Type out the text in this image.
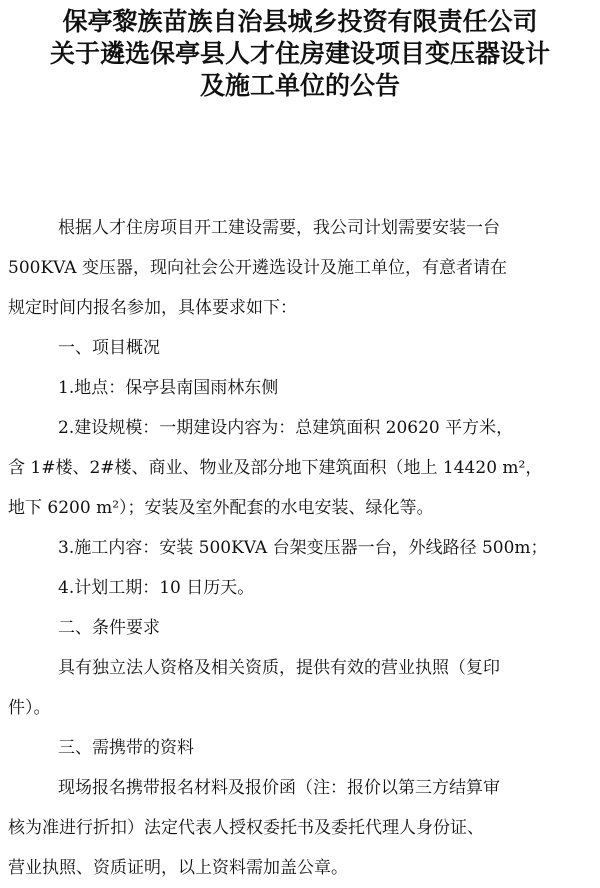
保亭黎族苗族自治县城乡投资有限责任公司
关于遴选保亭县人才住房建设项目变压器设计
及施工单位的公告
根据人才住房项目开工建设需要，我公司计划需要安装一台
500KVA 变压器，现向社会公开遴选设计及施工单位，有意者请在
规定时间内报名参加，具体要求如下：
一、项目概况
1.地点：保亭县南国雨林东侧
2.建设规模：一期建设内容为：总建筑面积 20620 平方米，
含 1#楼、2#楼、商业、物业及部分地下建筑面积（地上 14420 m²，
地下 6200 m²）；安装及室外配套的水电安装、绿化等。
3.施工内容：安装 500KVA 台架变压器一台，外线路径 500m；
4.计划工期：10 日历天。
二、条件要求
具有独立法人资格及相关资质，提供有效的营业执照（复印
件）。
三、需携带的资料
现场报名携带报名材料及报价函（注：报价以第三方结算审
核为准进行折扣）法定代表人授权委托书及委托代理人身份证、
营业执照、资质证明，以上资料需加盖公章。
